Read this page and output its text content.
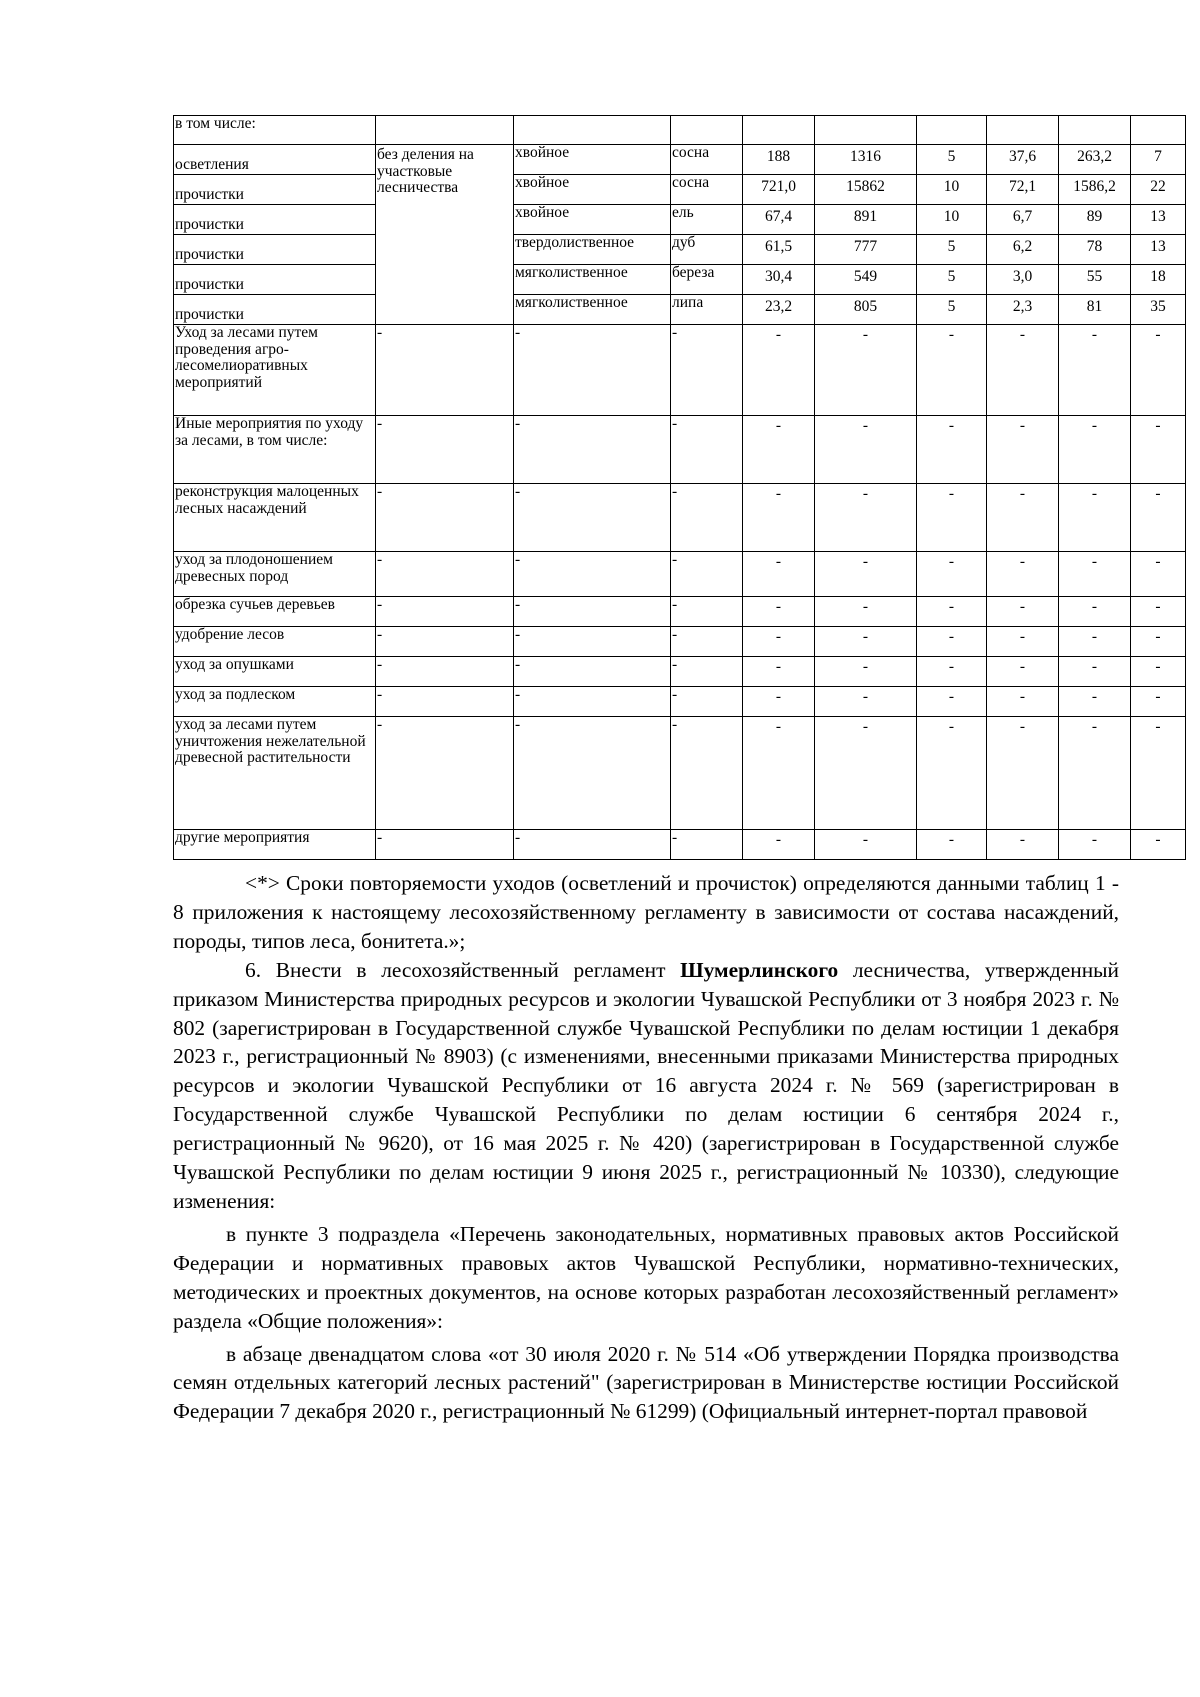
в том числе:									
осветления	без деления на участковые лесничества	хвойное	сосна	188	1316	5	37,6	263,2	7
прочистки		хвойное	сосна	721,0	15862	10	72,1	1586,2	22
прочистки		хвойное	ель	67,4	891	10	6,7	89	13
прочистки		твердолиственное	дуб	61,5	777	5	6,2	78	13
прочистки		мягколиственное	береза	30,4	549	5	3,0	55	18
прочистки		мягколиственное	липа	23,2	805	5	2,3	81	35
Уход за лесами путем проведения агро-лесомелиоративных мероприятий	-	-	-	-	-	-	-	-	-
Иные мероприятия по уходу за лесами, в том числе:	-	-	-	-	-	-	-	-	-
реконструкция малоценных лесных насаждений	-	-	-	-	-	-	-	-	-
уход за плодоношением древесных пород	-	-	-	-	-	-	-	-	-
обрезка сучьев деревьев	-	-	-	-	-	-	-	-	-
удобрение лесов	-	-	-	-	-	-	-	-	-
уход за опушками	-	-	-	-	-	-	-	-	-
уход за подлеском	-	-	-	-	-	-	-	-	-
уход за лесами путем уничтожения нежелательной древесной растительности	-	-	-	-	-	-	-	-	-
другие мероприятия	-	-	-	-	-	-	-	-	-

<*> Сроки повторяемости уходов (осветлений и прочисток) определяются данными таблиц 1 - 8 приложения к настоящему лесохозяйственному регламенту в зависимости от состава насаждений, породы, типов леса, бонитета.»;

6. Внести в лесохозяйственный регламент Шумерлинского лесничества, утвержденный приказом Министерства природных ресурсов и экологии Чувашской Республики от 3 ноября 2023 г. № 802 (зарегистрирован в Государственной службе Чувашской Республики по делам юстиции 1 декабря 2023 г., регистрационный № 8903) (с изменениями, внесенными приказами Министерства природных ресурсов и экологии Чувашской Республики от 16 августа 2024 г. № 569 (зарегистрирован в Государственной службе Чувашской Республики по делам юстиции 6 сентября 2024 г., регистрационный № 9620), от 16 мая 2025 г. № 420) (зарегистрирован в Государственной службе Чувашской Республики по делам юстиции 9 июня 2025 г., регистрационный № 10330), следующие изменения:

в пункте 3 подраздела «Перечень законодательных, нормативных правовых актов Российской Федерации и нормативных правовых актов Чувашской Республики, нормативно-технических, методических и проектных документов, на основе которых разработан лесохозяйственный регламент» раздела «Общие положения»:

в абзаце двенадцатом слова «от 30 июля 2020 г. № 514 «Об утверждении Порядка производства семян отдельных категорий лесных растений" (зарегистрирован в Министерстве юстиции Российской Федерации 7 декабря 2020 г., регистрационный № 61299) (Официальный интернет-портал правовой
